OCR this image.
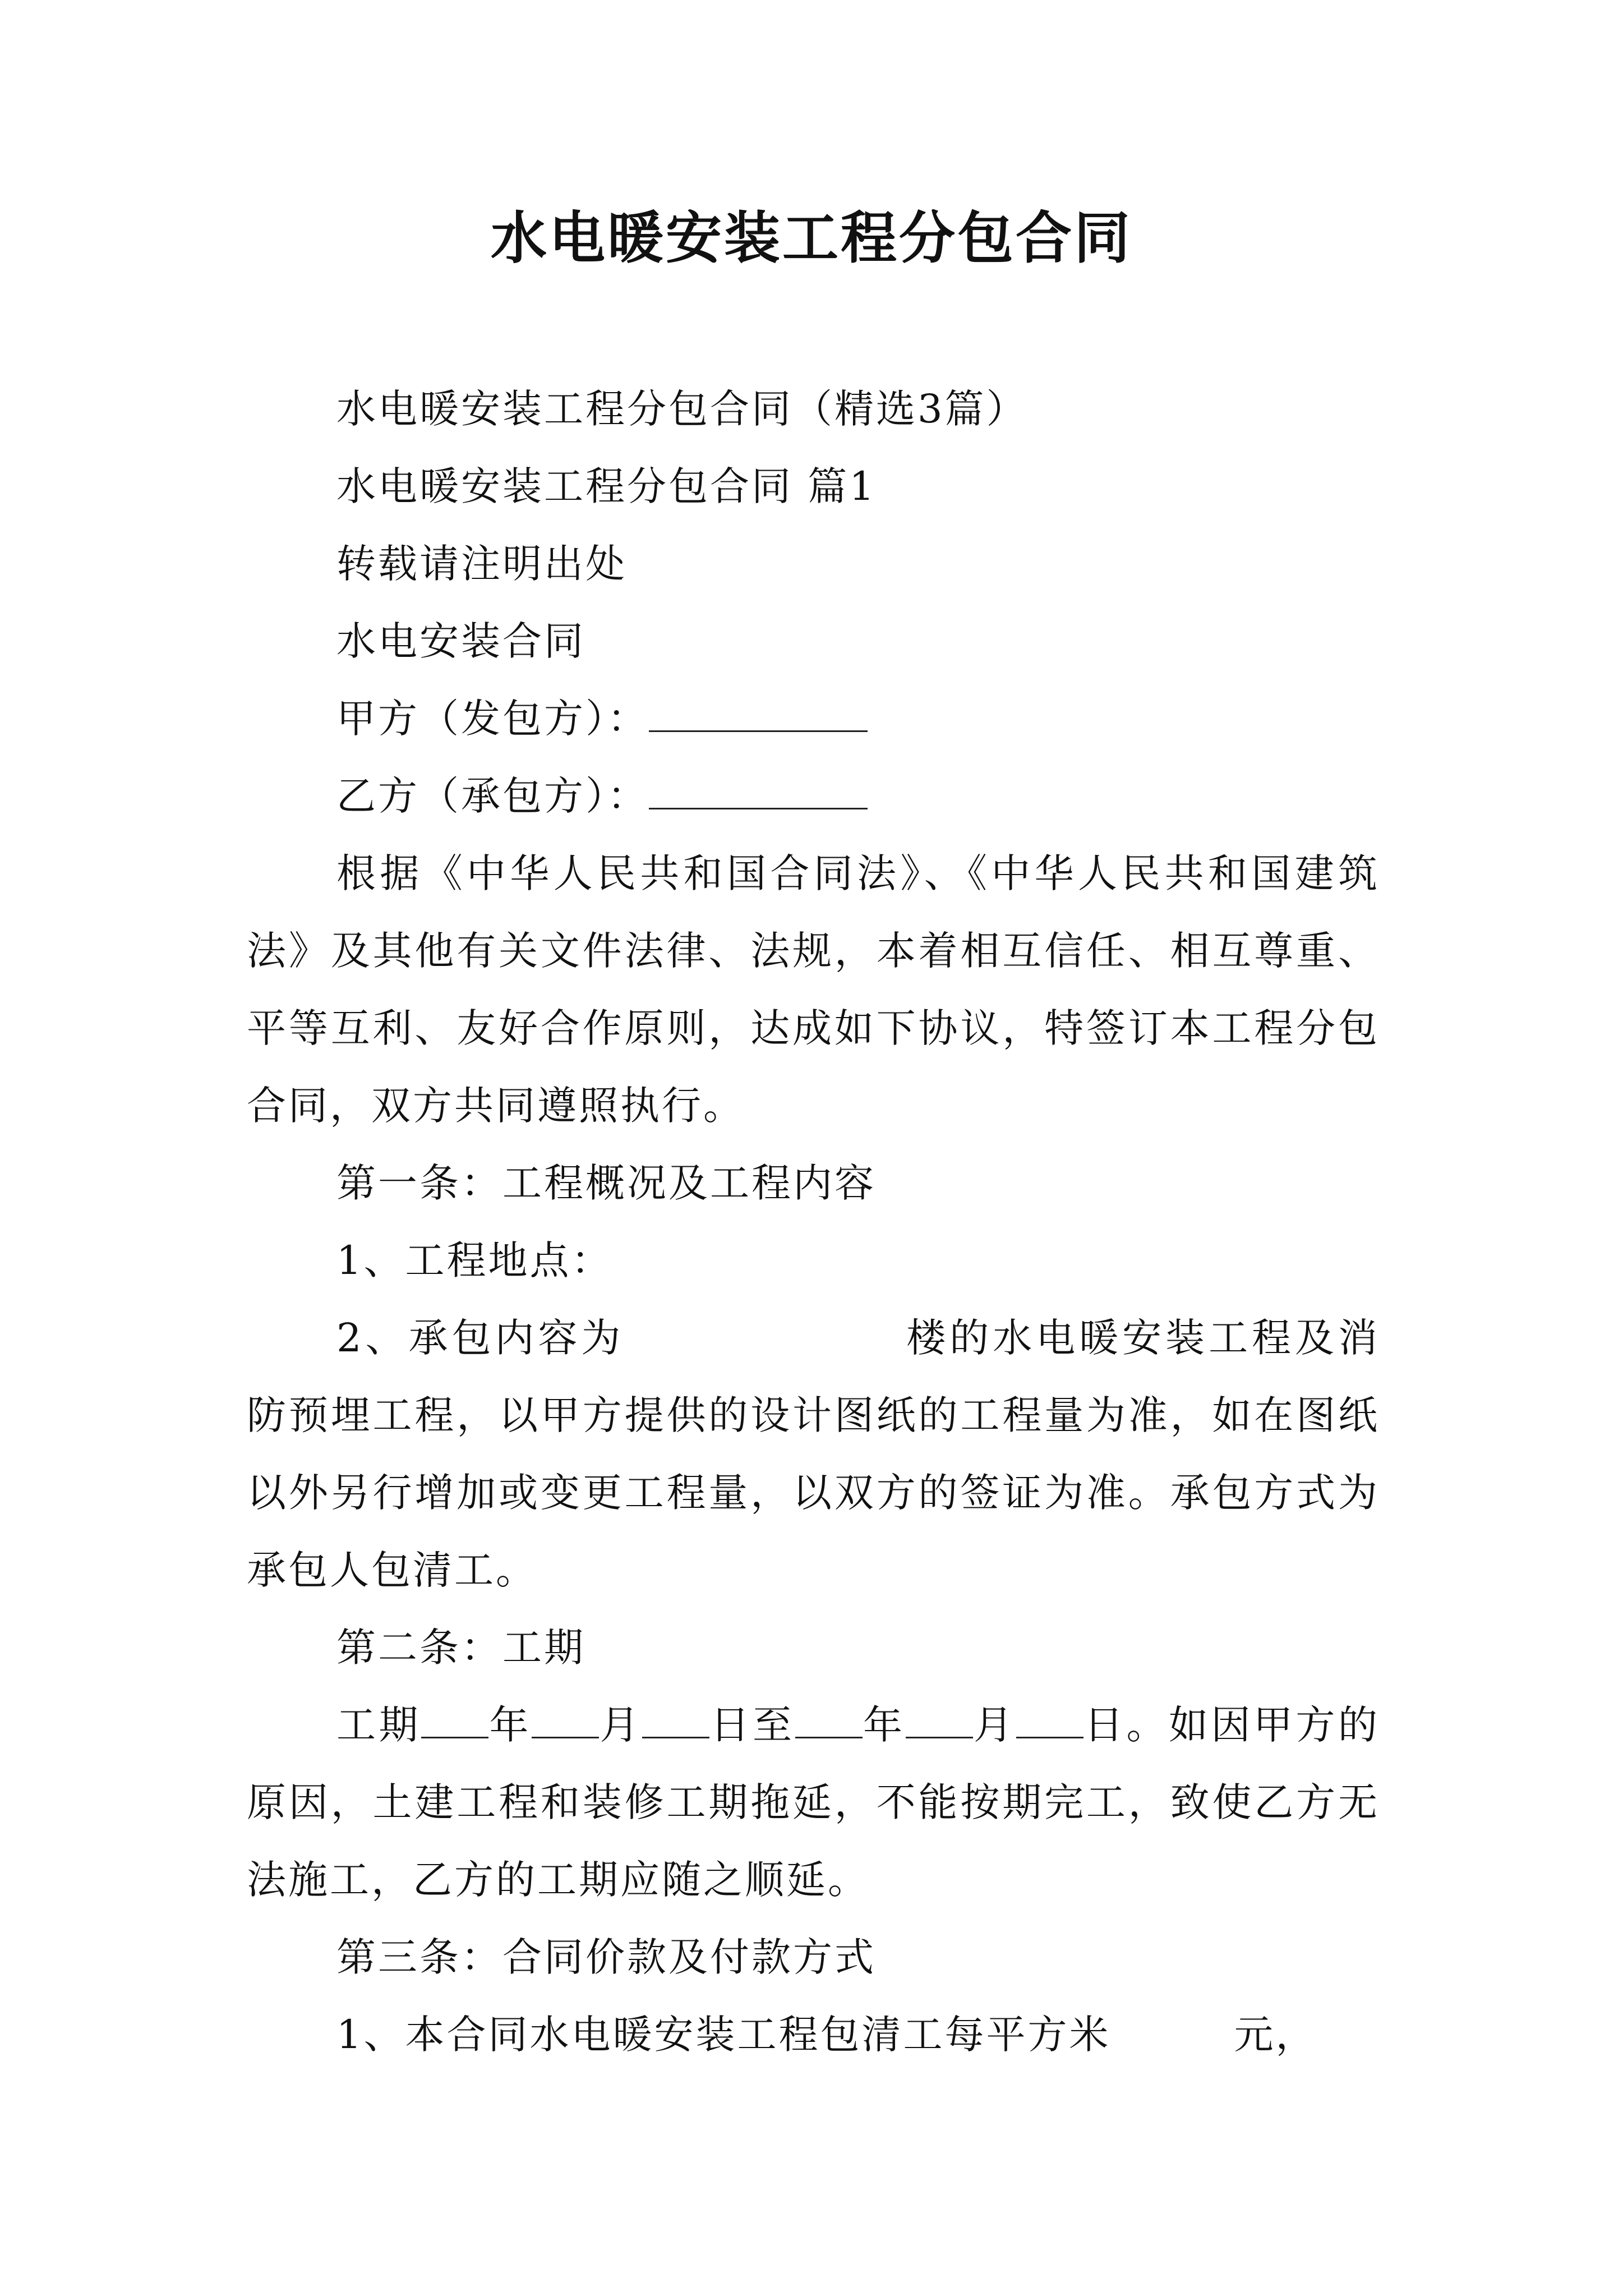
水电暖安装工程分包合同

水电暖安装工程分包合同（精选3篇）

水电暖安装工程分包合同 篇1

转载请注明出处

水电安装合同

甲方（发包方）：

乙方（承包方）：

根据《中华人民共和国合同法》、《中华人民共和国建筑法》及其他有关文件法律、法规，本着相互信任、相互尊重、平等互利、友好合作原则，达成如下协议，特签订本工程分包合同，双方共同遵照执行。

第一条：工程概况及工程内容

1、工程地点：

2、承包内容为	楼的水电暖安装工程及消防预埋工程，以甲方提供的设计图纸的工程量为准，如在图纸以外另行增加或变更工程量，以双方的签证为准。承包方式为承包人包清工。

第二条：工期

工期 年 月 日至 年 月 日。如因甲方的原因，土建工程和装修工期拖延，不能按期完工，致使乙方无法施工，乙方的工期应随之顺延。

第三条：合同价款及付款方式

1、本合同水电暖安装工程包清工每平方米	元，
